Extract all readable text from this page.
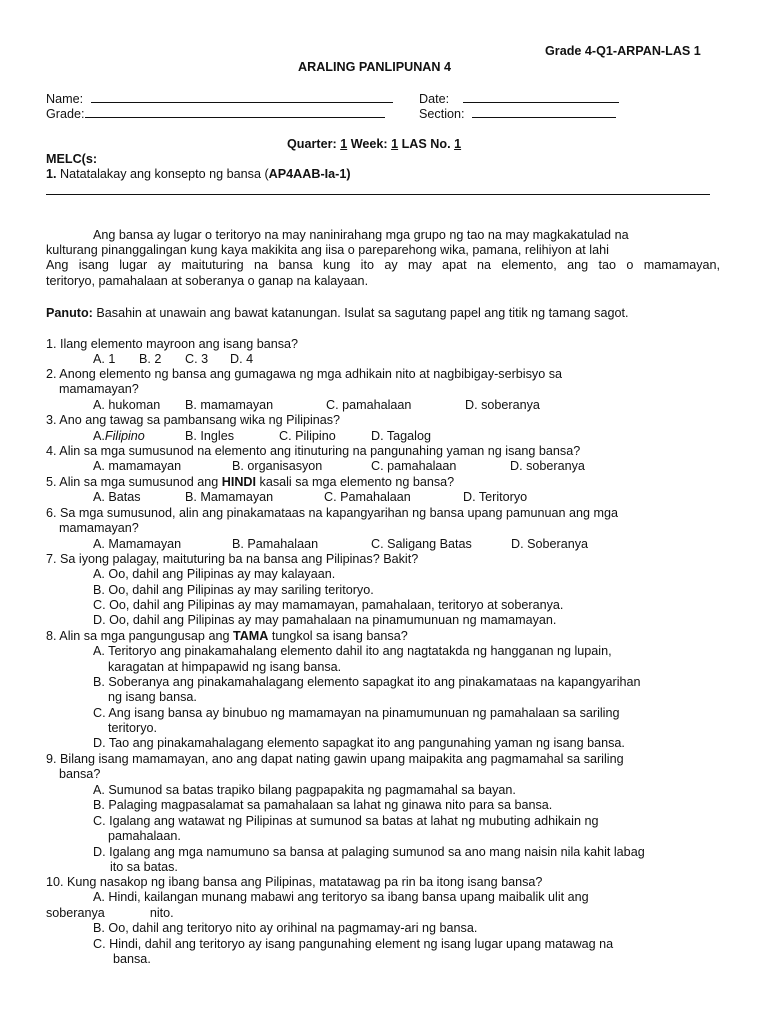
Grade 4-Q1-ARPAN-LAS 1
ARALING PANLIPUNAN 4
Name:	Date:
Grade:	Section:
Quarter: 1 Week: 1 LAS No. 1
MELC(s:
1. Natatalakay ang konsepto ng bansa (AP4AAB-Ia-1)
Ang bansa ay lugar o teritoryo na may naninirahang mga grupo ng tao na may magkakatulad na
kulturang pinanggalingan kung kaya makikita ang iisa o pareparehong wika, pamana, relihiyon at lahi
Ang isang lugar ay maituturing na bansa kung ito ay may apat na elemento, ang tao o mamamayan,
teritoryo, pamahalaan at soberanya o ganap na kalayaan.
Panuto: Basahin at unawain ang bawat katanungan. Isulat sa sagutang papel ang titik ng tamang sagot.
1. Ilang elemento mayroon ang isang bansa?
A. 1 B. 2 C. 3 D. 4
2. Anong elemento ng bansa ang gumagawa ng mga adhikain nito at nagbibigay-serbisyo sa
mamamayan?
A. hukoman B. mamamayan	C. pamahalaan	D. soberanya
3. Ano ang tawag sa pambansang wika ng Pilipinas?
A.Filipino	B. Ingles	C. Pilipino	D. Tagalog
4. Alin sa mga sumusunod na elemento ang itinuturing na pangunahing yaman ng isang bansa?
A. mamamayan	B. organisasyon	C. pamahalaan	D. soberanya
5. Alin sa mga sumusunod ang HINDI kasali sa mga elemento ng bansa?
A. Batas	B. Mamamayan	C. Pamahalaan	D. Teritoryo
6. Sa mga sumusunod, alin ang pinakamataas na kapangyarihan ng bansa upang pamunuan ang mga
mamamayan?
A. Mamamayan	B. Pamahalaan	C. Saligang Batas	D. Soberanya
7. Sa iyong palagay, maituturing ba na bansa ang Pilipinas? Bakit?
A. Oo, dahil ang Pilipinas ay may kalayaan.
B. Oo, dahil ang Pilipinas ay may sariling teritoryo.
C. Oo, dahil ang Pilipinas ay may mamamayan, pamahalaan, teritoryo at soberanya.
D. Oo, dahil ang Pilipinas ay may pamahalaan na pinamumunuan ng mamamayan.
8. Alin sa mga pangungusap ang TAMA tungkol sa isang bansa?
A. Teritoryo ang pinakamahalang elemento dahil ito ang nagtatakda ng hangganan ng lupain,
karagatan at himpapawid ng isang bansa.
B. Soberanya ang pinakamahalagang elemento sapagkat ito ang pinakamataas na kapangyarihan
ng isang bansa.
C. Ang isang bansa ay binubuo ng mamamayan na pinamumunuan ng pamahalaan sa sariling
teritoryo.
D. Tao ang pinakamahalagang elemento sapagkat ito ang pangunahing yaman ng isang bansa.
9. Bilang isang mamamayan, ano ang dapat nating gawin upang maipakita ang pagmamahal sa sariling
bansa?
A. Sumunod sa batas trapiko bilang pagpapakita ng pagmamahal sa bayan.
B. Palaging magpasalamat sa pamahalaan sa lahat ng ginawa nito para sa bansa.
C. Igalang ang watawat ng Pilipinas at sumunod sa batas at lahat ng mubuting adhikain ng
pamahalaan.
D. Igalang ang mga namumuno sa bansa at palaging sumunod sa ano mang naisin nila kahit labag
ito sa batas.
10. Kung nasakop ng ibang bansa ang Pilipinas, matatawag pa rin ba itong isang bansa?
A. Hindi, kailangan munang mabawi ang teritoryo sa ibang bansa upang maibalik ulit ang
soberanya	nito.
B. Oo, dahil ang teritoryo nito ay orihinal na pagmamay-ari ng bansa.
C. Hindi, dahil ang teritoryo ay isang pangunahing element ng isang lugar upang matawag na
bansa.
